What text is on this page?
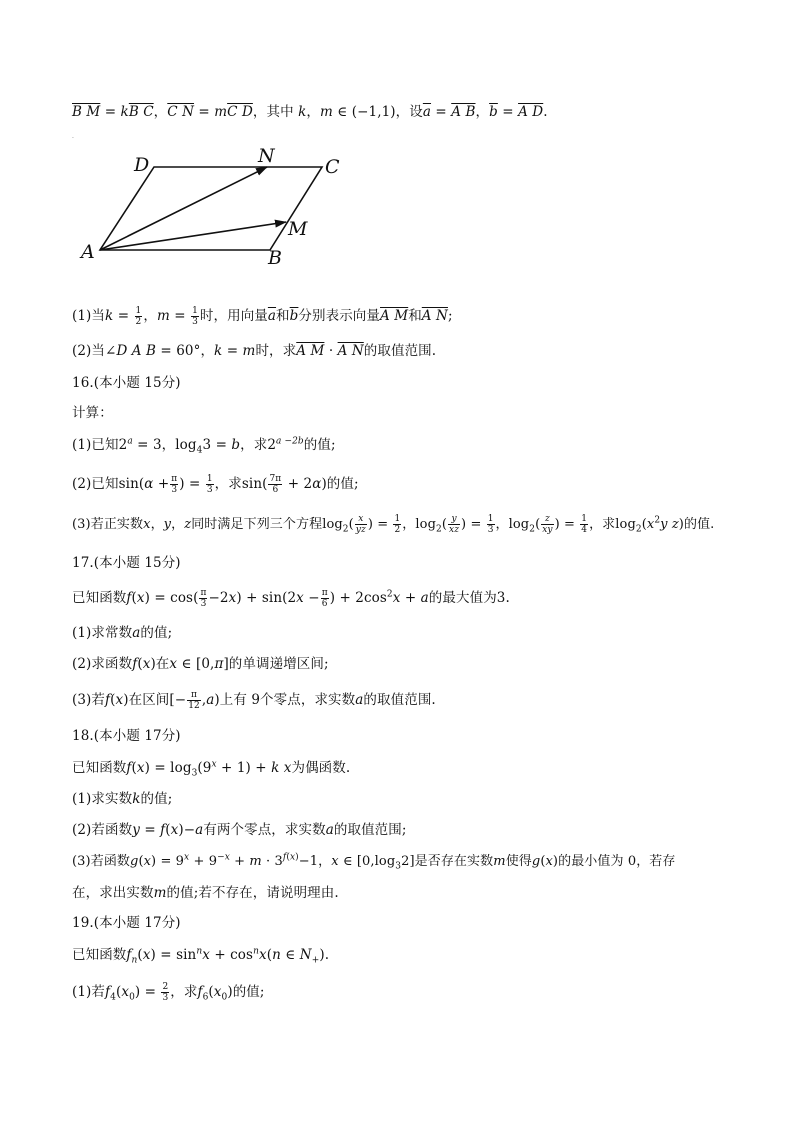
B M = kB C，C N = mC D，其中 k，m ∈ (−1,1)，设$\overline{a} = A$ B，$\overline{b} = A$ D.
.
D	N	C
M
A	B
(1)当$k = \frac{1}{2}$ ，$m = \frac{1}{3}$ 时，用向量$\overline{a}$和$\overline{b}$分别表示向量A M和A N;
(2)当∠D A B = 60°，k = m时，求A M · A N的取值范围.
16.(本小题 15分)
计算：
(1)已知$2^a = 3$，$\log_43 = b$，求$2^{a -2b}$的值;
(2)已知$\sin(\alpha + \frac{\pi}{3}$ ) = $\frac{1}{3}$ ，求$\sin( \frac{7\pi}{6} + 2\alpha)$的值;
(3)若正实数x，y，z同时满足下列三个方程$\log_2( \frac{x}{yz}$ ) = $\frac{1}{2}$ ，$\log_2( \frac{y}{xz}$ ) = $\frac{1}{3}$ ，$\log_2( \frac{z}{xy}$ ) = $\frac{1}{4}$ ，求$\log_2(x^2y$ z)的值.
17.(本小题 15分)
已知函数$f(x) = \cos( \frac{\pi}{3} -2x) + \sin(2x - \frac{\pi}{6}$ ) + $2\cos^2x + a$的最大值为3.
(1)求常数a的值;
(2)求函数f(x)在x ∈ [0,π]的单调递增区间;
(3)若f(x)在区间[− $\frac{\pi}{12} ,a$)上有 9个零点，求实数a的取值范围.
18.(本小题 17分)
已知函数$f(x) = \log_3(9^x + 1) + k$ x为偶函数.
(1)求实数k的值;
(2)若函数y = f(x)−a有两个零点，求实数a的取值范围;
(3)若函数$g(x) = 9^x + 9^{-x} + m \cdot 3^{f(x)}-1$，x ∈ $[0,\log_32]$是否存在实数m使得g(x)的最小值为 0，若存
在，求出实数m的值;若不存在，请说明理由.
19.(本小题 17分)
已知函数$f_n(x) = \sin^nx + \cos^nx(n$ ∈ $N_+$).
(1)若$f_4(x_0) = \frac{2}{3}$ ，求$f_6(x_0)$的值;
